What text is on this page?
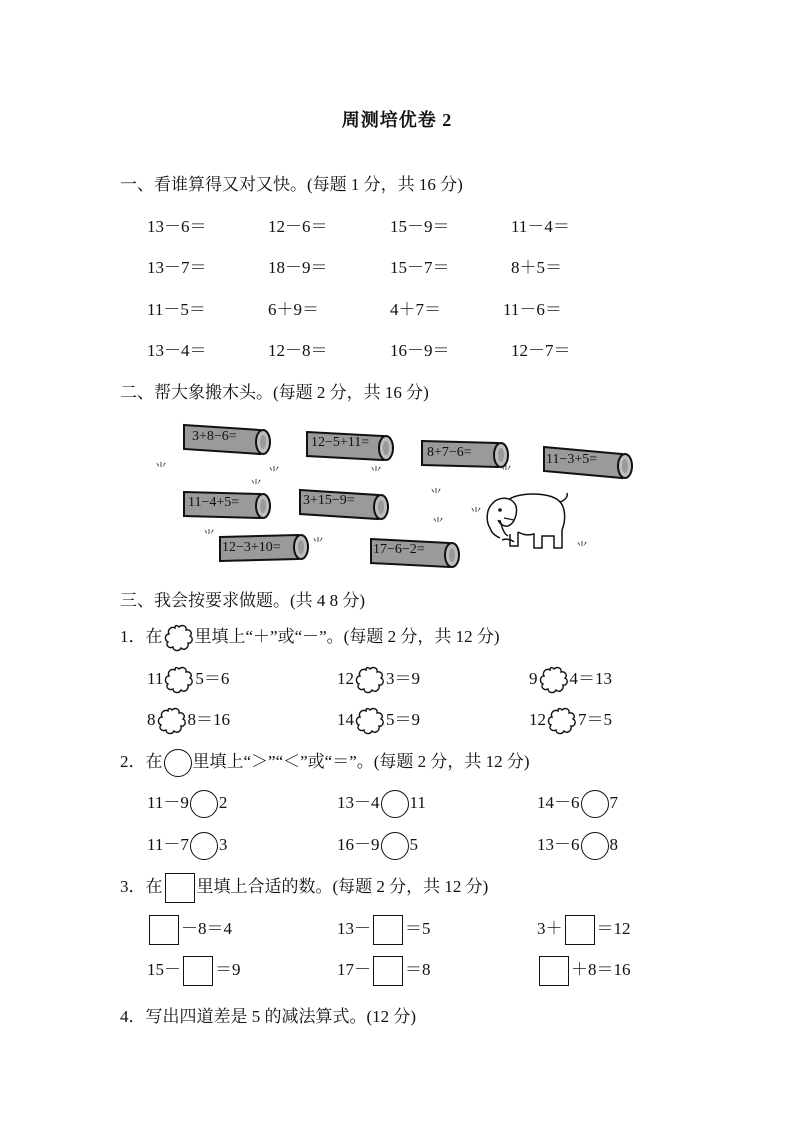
周测培优卷 2
一、看谁算得又对又快。(每题 1 分，共 16 分)
13－6＝	12－6＝	15－9＝	11－4＝
13－7＝	18－9＝	15－7＝	8＋5＝
11－5＝	6＋9＝	4＋7＝	11－6＝
13－4＝	12－8＝	16－9＝	12－7＝
二、帮大象搬木头。(每题 2 分，共 16 分)
3+8−6=	12−5+11=
8+7−6=	11−3+5=
11−4+5=	3+15−9=
12−3+10=	17−6−2=
⺌	⺌	⺌
⺌
⺌
⺌
⺌
⺌
⺌
⺌	⺌
三、我会按要求做题。(共 4 8 分)
1．在 里填上“＋”或“－”。(每题 2 分，共 12 分)
11 5＝6	12 3＝9	9 4＝13
8 8＝16	14 5＝9	12 7＝5
2．在 里填上“＞”“＜”或“＝”。(每题 2 分，共 12 分)
11－9 2	13－4 11	14－6 7
11－7 3	16－9 5	13－6 8
3．在 里填上合适的数。(每题 2 分，共 12 分)
－8＝4	13－ ＝5	3＋ ＝12
15－ ＝9	17－ ＝8	＋8＝16
4．写出四道差是 5 的减法算式。(12 分)
